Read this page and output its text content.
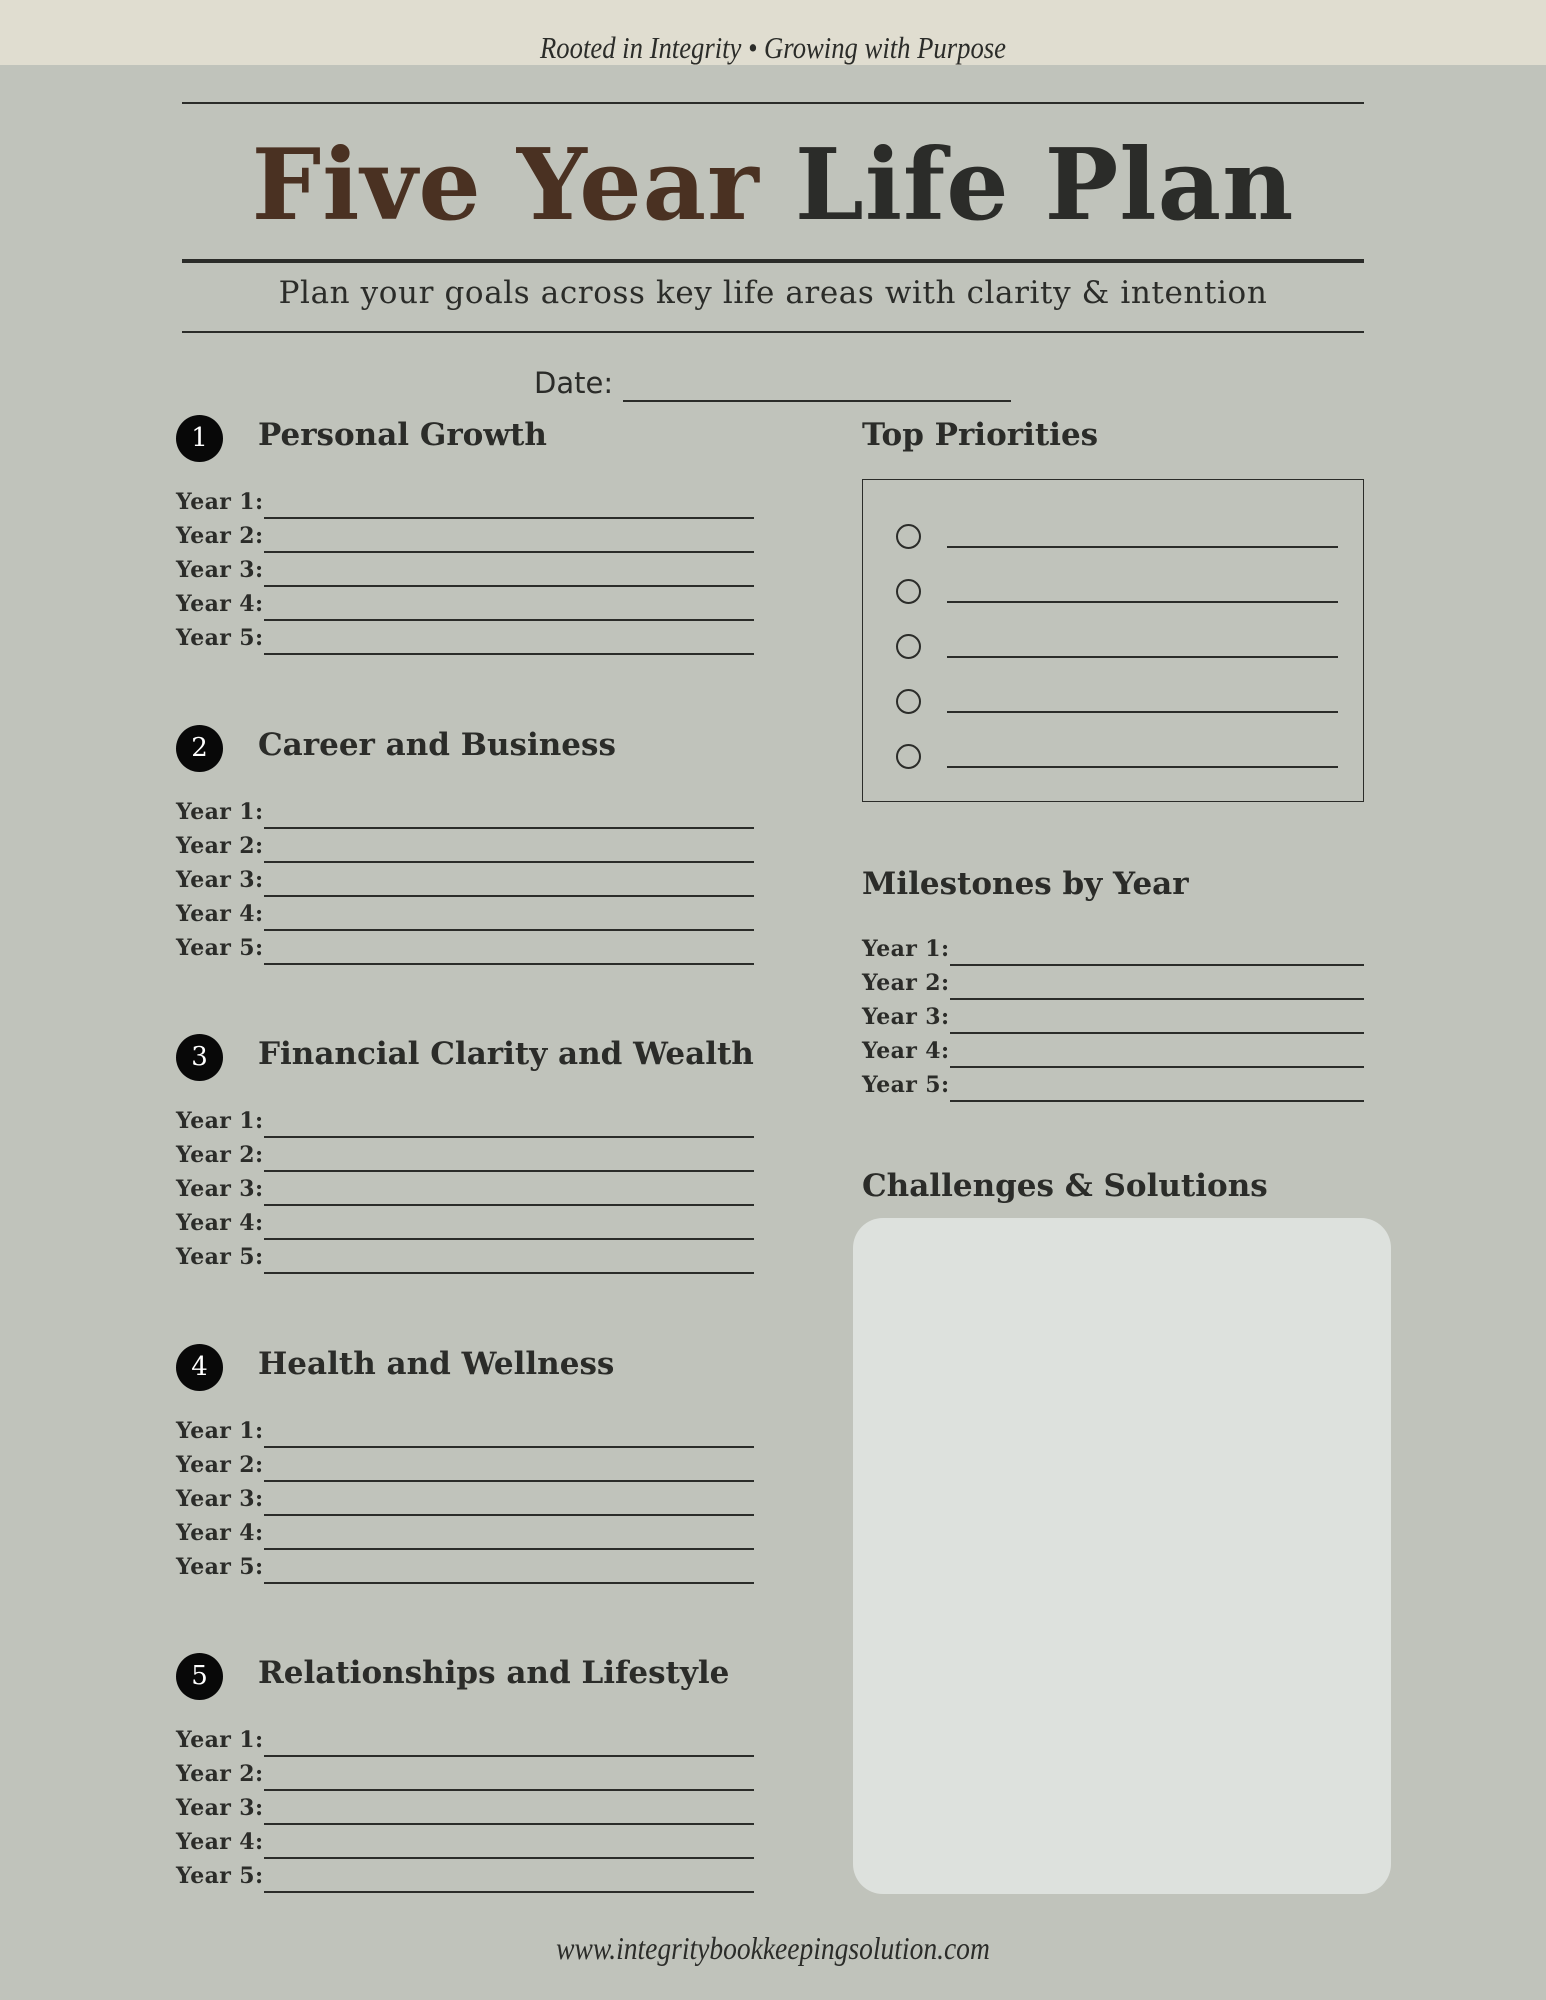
Rooted in Integrity • Growing with Purpose
Five Year Life Plan
Plan your goals across key life areas with clarity & intention
Date:
1	Personal Growth
Year 1:
Year 2:
Year 3:
Year 4:
Year 5:
2	Career and Business
Year 1:
Year 2:
Year 3:
Year 4:
Year 5:
3	Financial Clarity and Wealth
Year 1:
Year 2:
Year 3:
Year 4:
Year 5:
4	Health and Wellness
Year 1:
Year 2:
Year 3:
Year 4:
Year 5:
5	Relationships and Lifestyle
Year 1:
Year 2:
Year 3:
Year 4:
Year 5:
Top Priorities
Milestones by Year
Year 1:
Year 2:
Year 3:
Year 4:
Year 5:
Challenges & Solutions
www.integritybookkeepingsolution.com
